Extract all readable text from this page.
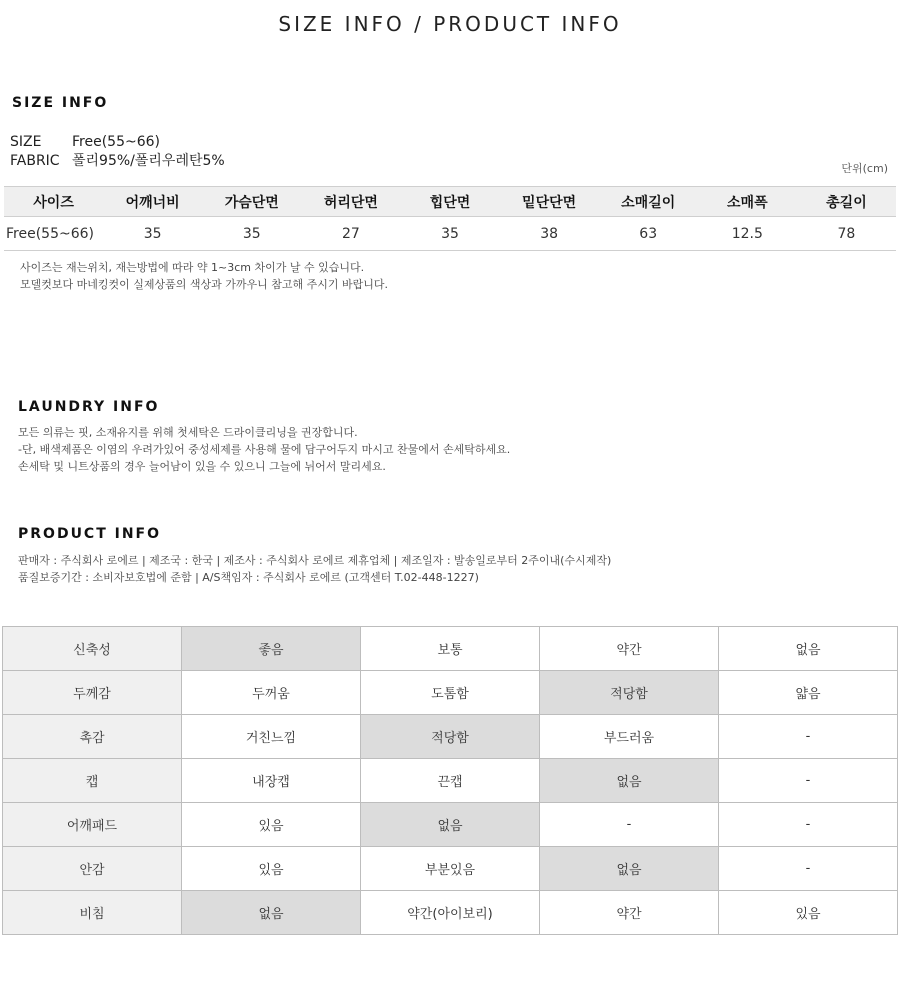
SIZE INFO / PRODUCT INFO
SIZE INFO
SIZE Free(55~66)
FABRIC 폴리95%/폴리우레탄5%	단위(cm)
사이즈	어깨너비	가슴단면	허리단면	힙단면	밑단단면	소매길이	소매폭	총길이
Free(55~66)	35	35	27	35	38	63	12.5	78
사이즈는 재는위치, 재는방법에 따라 약 1~3cm 차이가 날 수 있습니다.
모델컷보다 마네킹컷이 실제상품의 색상과 가까우니 참고해 주시기 바랍니다.
LAUNDRY INFO
모든 의류는 핏, 소재유지를 위해 첫세탁은 드라이클리닝을 권장합니다.
-단, 배색제품은 이염의 우려가있어 중성세제를 사용해 물에 담구어두지 마시고 찬물에서 손세탁하세요.
손세탁 및 니트상품의 경우 늘어남이 있을 수 있으니 그늘에 뉘어서 말리세요.
PRODUCT INFO
판매자 : 주식회사 로에르 | 제조국 : 한국 | 제조사 : 주식회사 로에르 제휴업체 | 제조일자 : 발송일로부터 2주이내(수시제작)
품질보증기간 : 소비자보호법에 준함 | A/S책임자 : 주식회사 로에르 (고객센터 T.02-448-1227)
신축성	좋음	보통	약간	없음
두께감	두꺼움	도톰함	적당함	얇음
촉감	거친느낌	적당함	부드러움	-
캡	내장캡	끈캡	없음	-
어깨패드	있음	없음	-	-
안감	있음	부분있음	없음	-
비침	없음	약간(아이보리)	약간	있음
